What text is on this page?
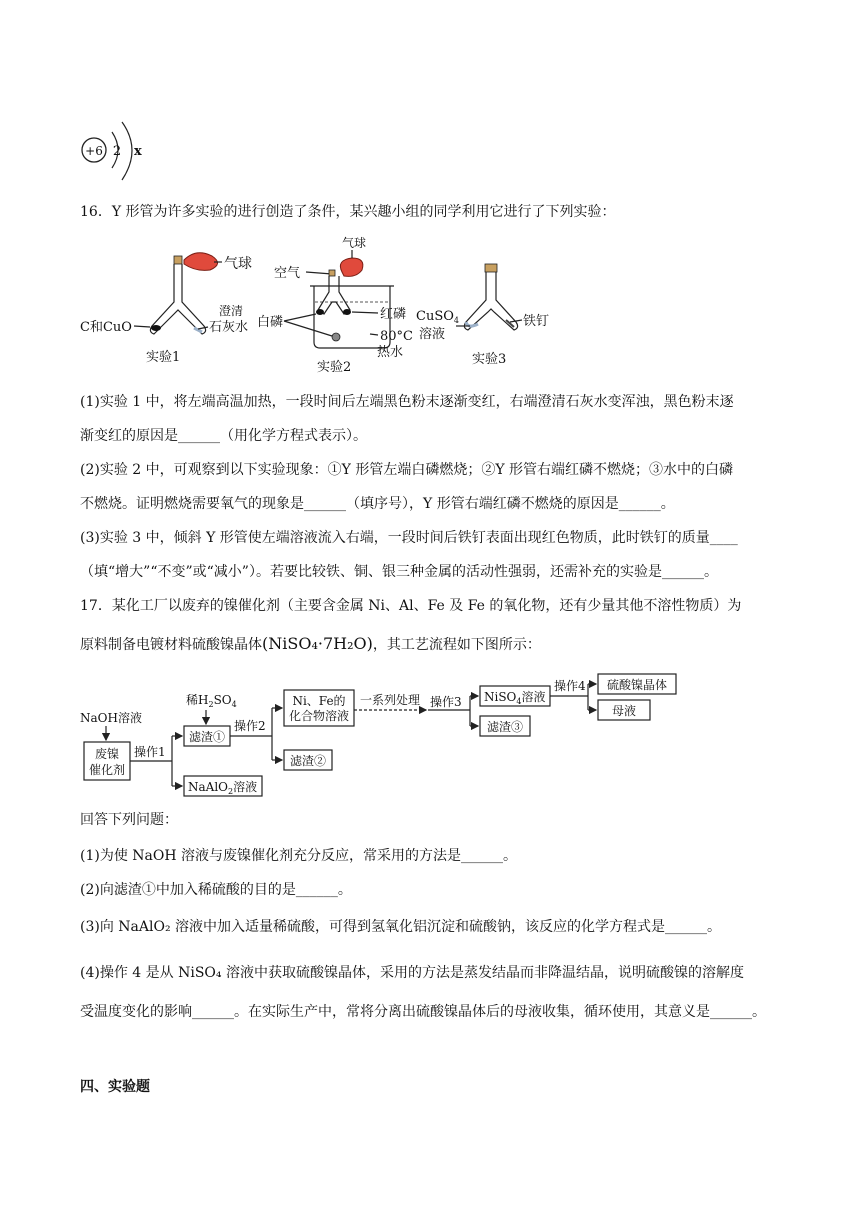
+6 2 x
16．Y 形管为许多实验的进行创造了条件，某兴趣小组的同学利用它进行了下列实验：
气球
C和CuO
澄清
石灰水
实验1
气球
空气
白磷
红磷
80°C
热水
实验2
CuSO$_4$
溶液
铁钉
实验3
(1)实验 1 中，将左端高温加热，一段时间后左端黑色粉末逐渐变红，右端澄清石灰水变浑浊，黑色粉末逐
渐变红的原因是______（用化学方程式表示）。
(2)实验 2 中，可观察到以下实验现象：①Y 形管左端白磷燃烧；②Y 形管右端红磷不燃烧；③水中的白磷
不燃烧。证明燃烧需要氧气的现象是______（填序号），Y 形管右端红磷不燃烧的原因是______。
(3)实验 3 中，倾斜 Y 形管使左端溶液流入右端，一段时间后铁钉表面出现红色物质，此时铁钉的质量____
（填“增大”“不变”或“减小”）。若要比较铁、铜、银三种金属的活动性强弱，还需补充的实验是______。
17．某化工厂以废弃的镍催化剂（主要含金属 Ni、Al、Fe 及 Fe 的氧化物，还有少量其他不溶性物质）为
原料制备电镀材料硫酸镍晶体(NiSO₄·7H₂O)，其工艺流程如下图所示：
NaOH溶液
废镍
催化剂
操作1
稀$H_2SO_4$
滤渣①
NaAlO$_2$溶液
操作2
Ni、Fe的
化合物溶液
滤渣②
一系列处理 操作3 NiSO$_4$溶液
滤渣③
操作4 硫酸镍晶体
母液
回答下列问题：
(1)为使 NaOH 溶液与废镍催化剂充分反应，常采用的方法是______。
(2)向滤渣①中加入稀硫酸的目的是______。
(3)向 NaAlO₂ 溶液中加入适量稀硫酸，可得到氢氧化铝沉淀和硫酸钠，该反应的化学方程式是______。
(4)操作 4 是从 NiSO₄ 溶液中获取硫酸镍晶体，采用的方法是蒸发结晶而非降温结晶，说明硫酸镍的溶解度
受温度变化的影响______。在实际生产中，常将分离出硫酸镍晶体后的母液收集，循环使用，其意义是______。
四、实验题
